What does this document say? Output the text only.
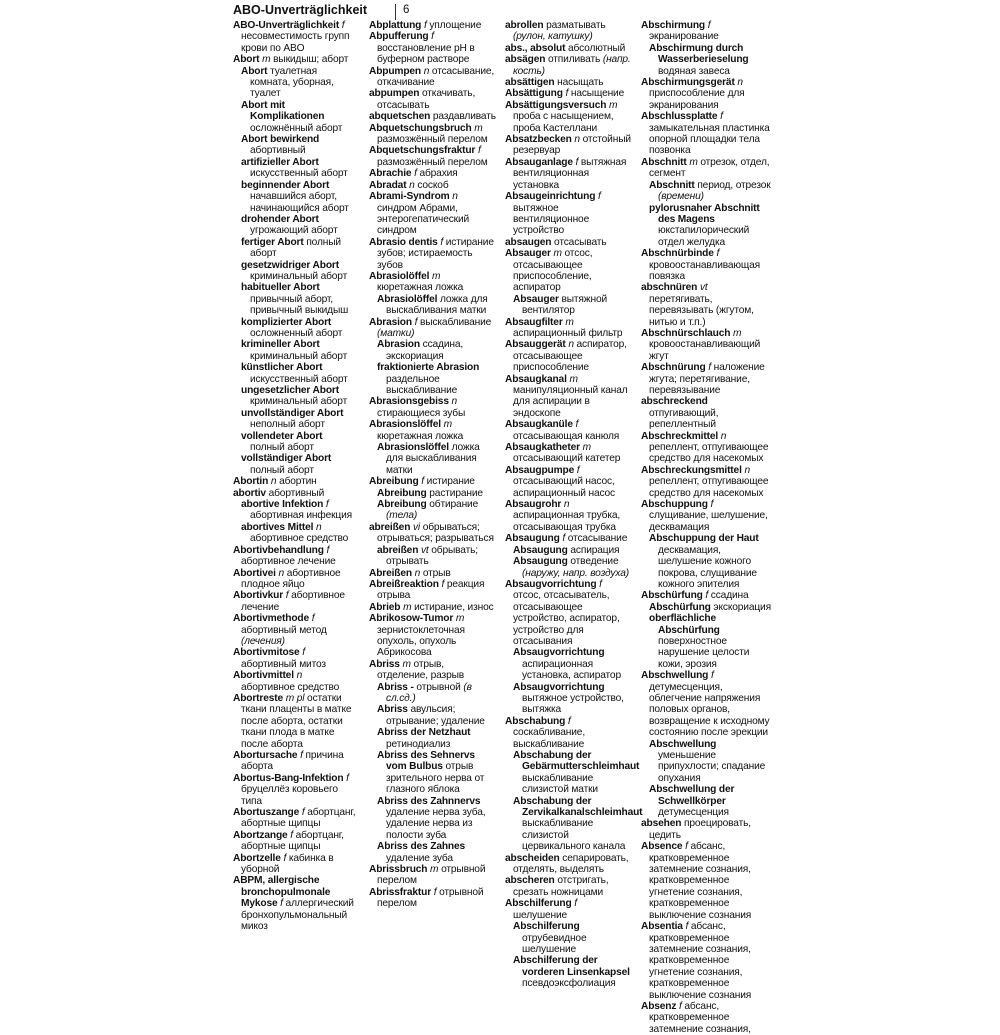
ABO-Unverträglichkeit	6

ABO-Unverträglichkeit f несовместимость групп крови по ABO

Abort m выкидыш; аборт

Abort туалетная комната, уборная, туалет

Abort mit Komplikationen осложнённый аборт

Abort bewirkend абортивный

artifizieller Abort искусственный аборт

beginnender Abort начавшийся аборт, начинающийся аборт

drohender Abort угрожающий аборт

fertiger Abort полный аборт

gesetzwidriger Abort криминальный аборт

habitueller Abort привычный аборт, привычный выкидыш

komplizierter Abort осложненный аборт

krimineller Abort криминальный аборт

künstlicher Abort искусственный аборт

ungesetzlicher Abort криминальный аборт

unvollständiger Abort неполный аборт

vollendeter Abort полный аборт

vollständiger Abort полный аборт

Abortin n абортин

abortiv абортивный

abortive Infektion f абортивная инфекция

abortives Mittel n абортивное средство

Abortivbehandlung f абортивное лечение

Abortivei n абортивное плодное яйцо

Abortivkur f абортивное лечение

Abortivmethode f абортивный метод (лечения)

Abortivmitose f абортивный митоз

Abortivmittel n абортивное средство

Abortreste m pl остатки ткани плаценты в матке после аборта, остатки ткани плода в матке после аборта

Abortursache f причина аборта

Abortus-Bang-Infektion f бруцеллёз коровьего типа

Abortuszange f абортцанг, абортные щипцы

Abortzange f абортцанг, абортные щипцы

Abortzelle f кабинка в уборной

ABPM, allergische bronchopulmonale Mykose f аллергический бронхопульмональный микоз

Abplattung f уплощение

Abpufferung f восстановление pH в буферном растворе

Abpumpen n отсасывание, откачивание

abpumpen откачивать, отсасывать

abquetschen раздавливать

Abquetschungsbruch m размозжённый перелом

Abquetschungsfraktur f размозжённый перелом

Abrachie f абрахия

Abradat n соскоб

Abrami-Syndrom n синдром Абрами, энтерогепатический синдром

Abrasio dentis f истирание зубов; истираемость зубов

Abrasiolöffel m кюретажная ложка

Abrasiolöffel ложка для выскабливания матки

Abrasion f выскабливание (матки)

Abrasion ссадина, экскориация

fraktionierte Abrasion раздельное выскабливание

Abrasionsgebiss n стирающиеся зубы

Abrasionslöffel m кюретажная ложка

Abrasionslöffel ложка для выскабливания матки

Abreibung f истирание

Abreibung растирание

Abreibung обтирание (тела)

abreißen vi обрываться; отрываться; разрываться

abreißen vt обрывать; отрывать

Abreißen n отрыв

Abreißreaktion f реакция отрыва

Abrieb m истирание, износ

Abrikosow-Tumor m зернистоклеточная опухоль, опухоль Абрикосова

Abriss m отрыв, отделение, разрыв

Abriss - отрывной (в сл.сд.)

Abriss авульсия; отрывание; удаление

Abriss der Netzhaut ретинодиализ

Abriss des Sehnervs vom Bulbus отрыв зрительного нерва от глазного яблока

Abriss des Zahnnervs удаление нерва зуба, удаление нерва из полости зуба

Abriss des Zahnes удаление зуба

Abrissbruch m отрывной перелом

Abrissfraktur f отрывной перелом

abrollen разматывать (рулон, катушку)

abs., absolut абсолютный

absägen отпиливать (напр. кость)

absättigen насыщать

Absättigung f насыщение

Absättigungsversuch m проба с насыщением, проба Кастеллани

Absatzbecken n отстойный резервуар

Absauganlage f вытяжная вентиляционная установка

Absaugeinrichtung f вытяжное вентиляционное устройство

absaugen отсасывать

Absauger m отсос, отсасывающее приспособление, аспиратор

Absauger вытяжной вентилятор

Absaugfilter m аспирационный фильтр

Absauggerät n аспиратор, отсасывающее приспособление

Absaugkanal m манипуляционный канал для аспирации в эндоскопе

Absaugkanüle f отсасывающая канюля

Absaugkatheter m отсасывающий катетер

Absaugpumpe f отсасывающий насос, аспирационный насос

Absaugrohr n аспирационная трубка, отсасывающая трубка

Absaugung f отсасывание

Absaugung аспирация

Absaugung отведение (наружу, напр. воздуха)

Absaugvorrichtung f отсос, отсасыватель, отсасывающее устройство, аспиратор, устройство для отсасывания

Absaugvorrichtung аспирационная установка, аспиратор

Absaugvorrichtung вытяжное устройство, вытяжка

Abschabung f соскабливание, выскабливание

Abschabung der Gebärmutterschleimhaut выскабливание слизистой матки

Abschabung der Zervikalkanalschleimhaut выскабливание слизистой цервикального канала

abscheiden сепарировать, отделять, выделять

abscheren отстригать, срезать ножницами

Abschilferung f шелушение

Abschilferung отрубевидное шелушение

Abschilferung der vorderen Linsenkapsel псевдоэксфолиация

Abschirmung f экранирование

Abschirmung durch Wasserberieselung водяная завеса

Abschirmungsgerät n приспособление для экранирования

Abschlussplatte f замыкательная пластинка опорной площадки тела позвонка

Abschnitt m отрезок, отдел, сегмент

Abschnitt период, отрезок (времени)

pylorusnaher Abschnitt des Magens юкстапилорический отдел желудка

Abschnürbinde f кровоостанавливающая повязка

abschnüren vt перетягивать, перевязывать (жгутом, нитью и т.п.)

Abschnürschlauch m кровоостанавливающий жгут

Abschnürung f наложение жгута; перетягивание, перевязывание

abschreckend отпугивающий, репеллентный

Abschreckmittel n репеллент, отпугивающее средство для насекомых

Abschreckungsmittel n репеллент, отпугивающее средство для насекомых

Abschuppung f слущивание, шелушение, десквамация

Abschuppung der Haut десквамация, шелушение кожного покрова, слущивание кожного эпителия

Abschürfung f ссадина

Abschürfung экскориация

oberflächliche Abschürfung поверхностное нарушение целости кожи, эрозия

Abschwellung f детумесценция, облегчение напряжения половых органов, возвращение к исходному состоянию после эрекции

Abschwellung уменьшение припухлости; спадание опухания

Abschwellung der Schwellkörper детумесценция

absehen проецировать, цедить

Absence f абсанс, кратковременное затемнение сознания, кратковременное угнетение сознания, кратковременное выключение сознания

Absentia f абсанс, кратковременное затемнение сознания, кратковременное угнетение сознания, кратковременное выключение сознания

Absenz f абсанс, кратковременное затемнение сознания,
